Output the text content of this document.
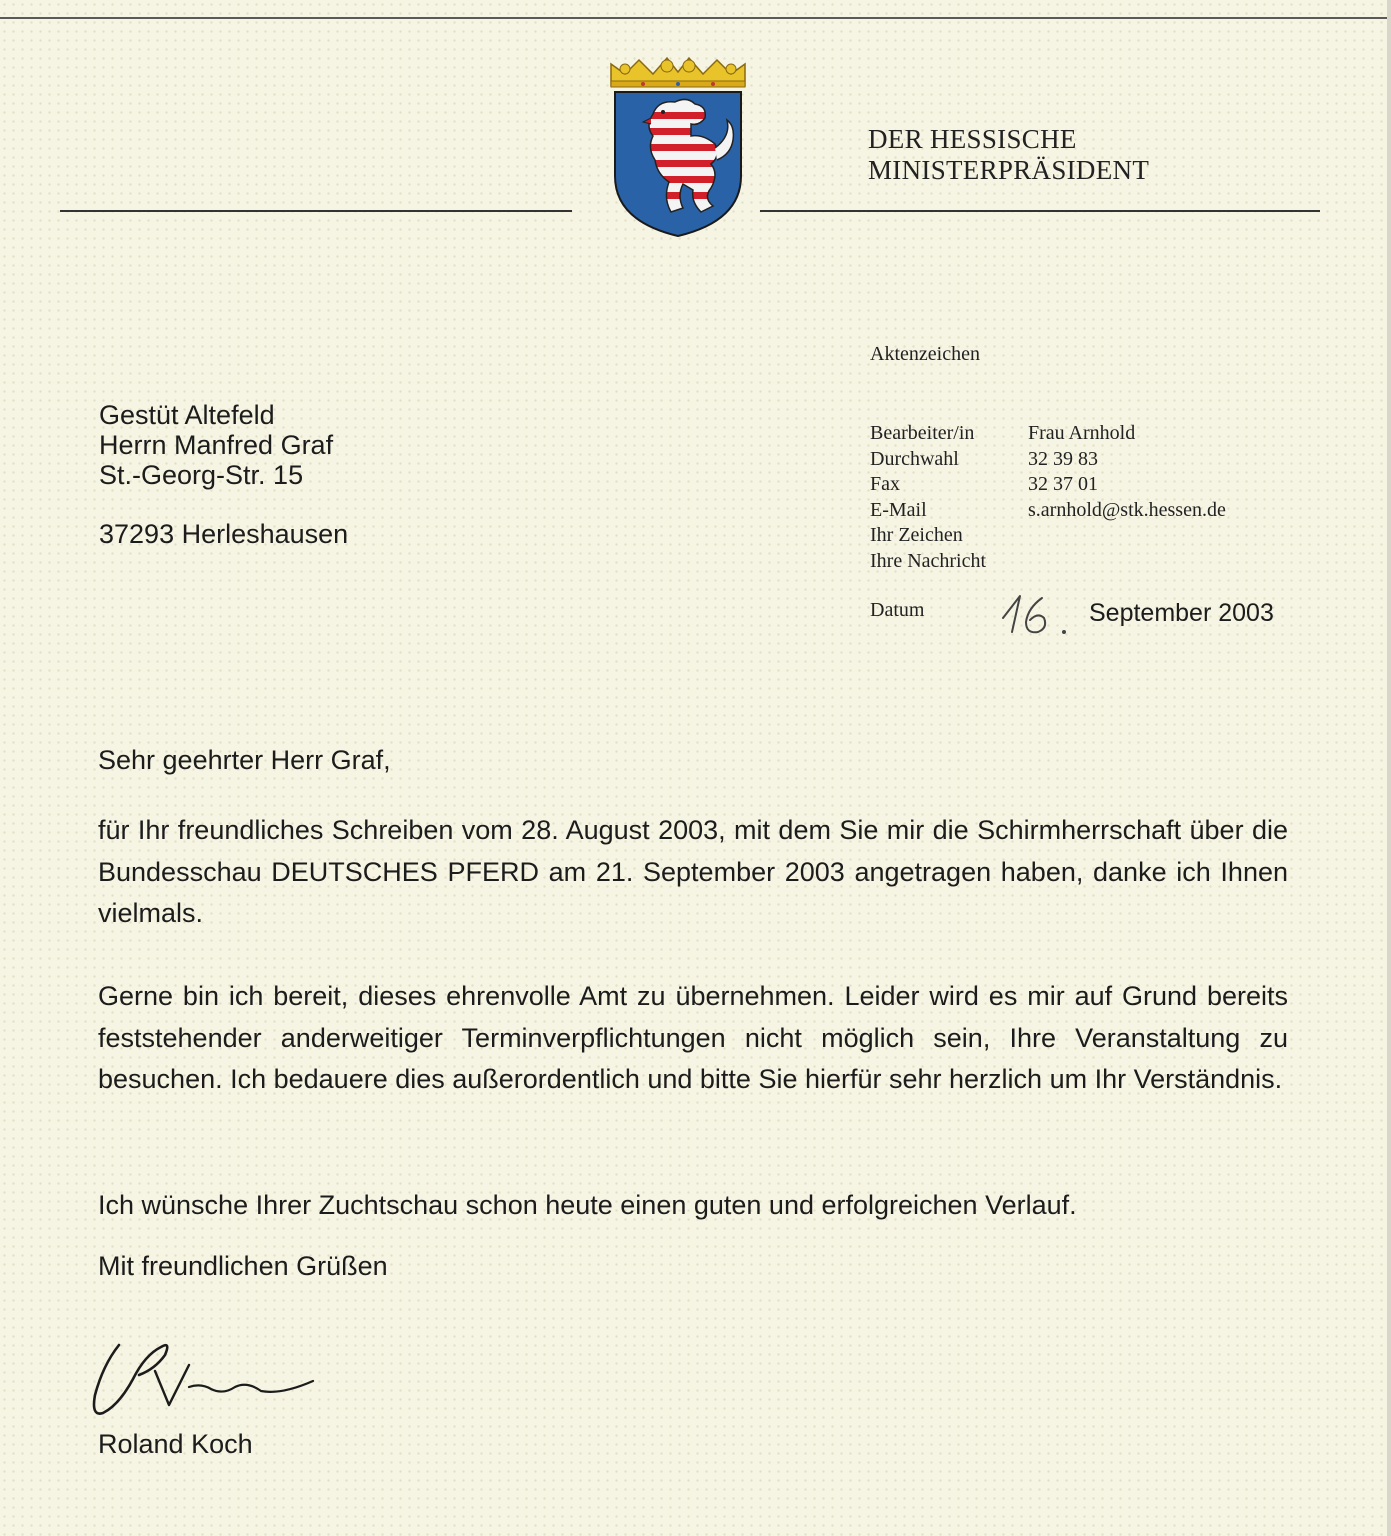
DER HESSISCHE
MINISTERPRÄSIDENT
Aktenzeichen
Bearbeiter/in	Frau Arnhold
Durchwahl	32 39 83
Fax	32 37 01
E-Mail	s.arnhold@stk.hessen.de
Ihr Zeichen
Ihre Nachricht
Datum	September 2003
Gestüt Altefeld
Herrn Manfred Graf
St.-Georg-Str. 15
37293 Herleshausen
Sehr geehrter Herr Graf,

für Ihr freundliches Schreiben vom 28. August 2003, mit dem Sie mir die Schirmherrschaft über die Bundesschau DEUTSCHES PFERD am 21. September 2003 angetragen haben, danke ich Ihnen vielmals.

Gerne bin ich bereit, dieses ehrenvolle Amt zu übernehmen. Leider wird es mir auf Grund bereits feststehender anderweitiger Terminverpflichtungen nicht möglich sein, Ihre Veranstaltung zu besuchen. Ich bedauere dies außerordentlich und bitte Sie hierfür sehr herzlich um Ihr Verständnis.

Ich wünsche Ihrer Zuchtschau schon heute einen guten und erfolgreichen Verlauf.

Mit freundlichen Grüßen
Roland Koch
